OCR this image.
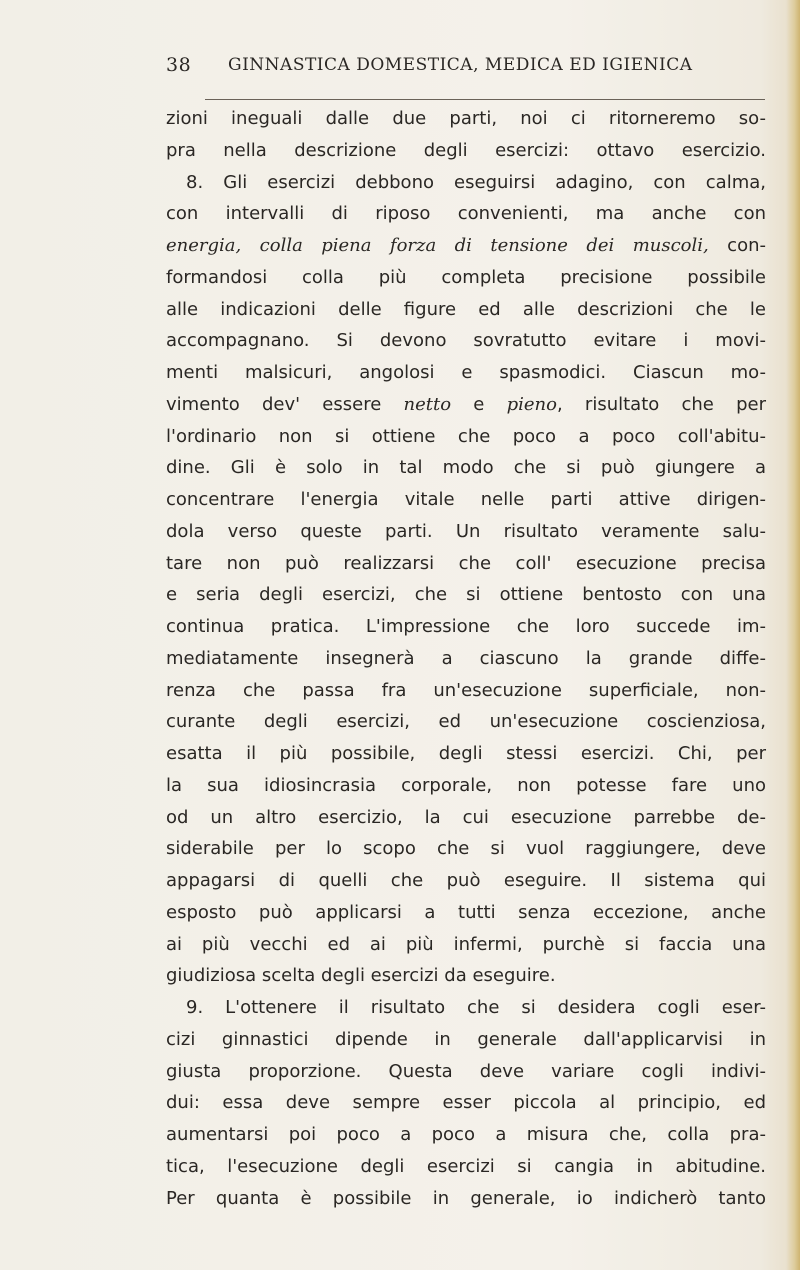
38 GINNASTICA DOMESTICA, MEDICA ED IGIENICA
zioni ineguali dalle due parti, noi ci ritorneremo so-
pra nella descrizione degli esercizi: ottavo esercizio.
8. Gli esercizi debbono eseguirsi adagino, con calma,
con intervalli di riposo convenienti, ma anche con
energia, colla piena forza di tensione dei muscoli, con-
formandosi colla più completa precisione possibile
alle indicazioni delle figure ed alle descrizioni che le
accompagnano. Si devono sovratutto evitare i movi-
menti malsicuri, angolosi e spasmodici. Ciascun mo-
vimento dev' essere netto e pieno, risultato che per
l'ordinario non si ottiene che poco a poco coll'abitu-
dine. Gli è solo in tal modo che si può giungere a
concentrare l'energia vitale nelle parti attive dirigen-
dola verso queste parti. Un risultato veramente salu-
tare non può realizzarsi che coll' esecuzione precisa
e seria degli esercizi, che si ottiene bentosto con una
continua pratica. L'impressione che loro succede im-
mediatamente insegnerà a ciascuno la grande diffe-
renza che passa fra un'esecuzione superficiale, non-
curante degli esercizi, ed un'esecuzione coscienziosa,
esatta il più possibile, degli stessi esercizi. Chi, per
la sua idiosincrasia corporale, non potesse fare uno
od un altro esercizio, la cui esecuzione parrebbe de-
siderabile per lo scopo che si vuol raggiungere, deve
appagarsi di quelli che può eseguire. Il sistema qui
esposto può applicarsi a tutti senza eccezione, anche
ai più vecchi ed ai più infermi, purchè si faccia una
giudiziosa scelta degli esercizi da eseguire.
9. L'ottenere il risultato che si desidera cogli eser-
cizi ginnastici dipende in generale dall'applicarvisi in
giusta proporzione. Questa deve variare cogli indivi-
dui: essa deve sempre esser piccola al principio, ed
aumentarsi poi poco a poco a misura che, colla pra-
tica, l'esecuzione degli esercizi si cangia in abitudine.
Per quanta è possibile in generale, io indicherò tanto
